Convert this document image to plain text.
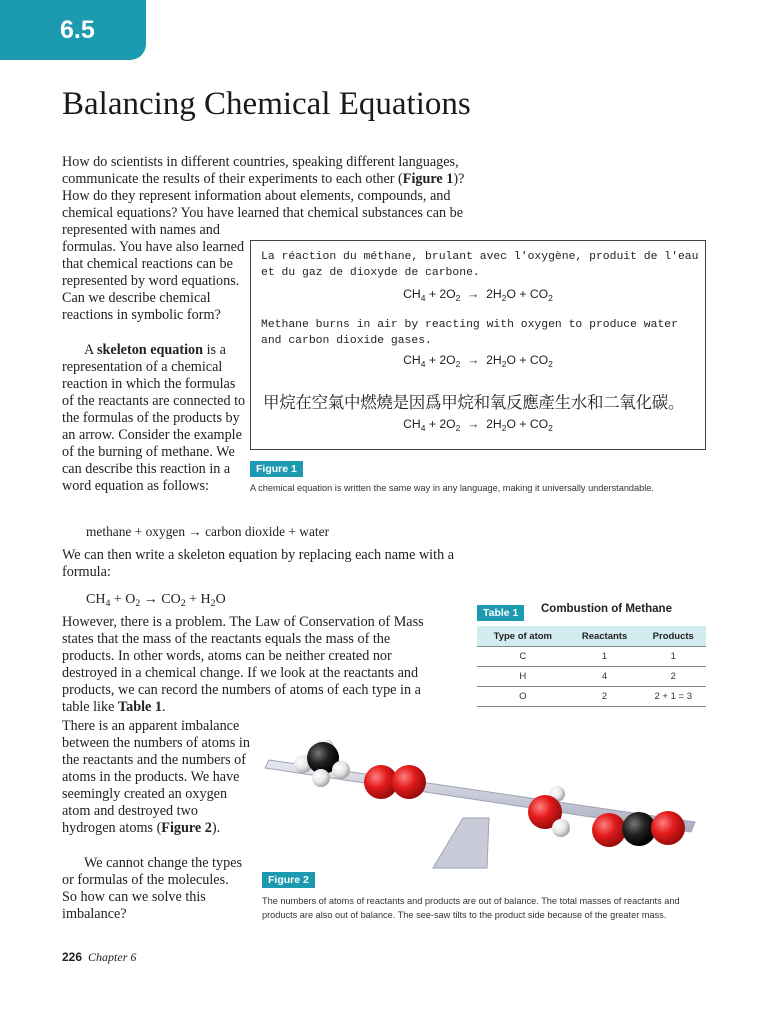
6.5
Balancing Chemical Equations

How do scientists in different countries, speaking different languages, communicate the results of their experiments to each other (Figure 1)? How do they represent information about elements, compounds, and chemical equations? You have learned that chemical substances can be

represented with names and formulas. You have also learned that chemical reactions can be represented by word equations. Can we describe chemical reactions in symbolic form?

A skeleton equation is a representation of a chemical reaction in which the formulas of the reactants are connected to the formulas of the products by an arrow. Consider the example of the burning of methane. We can describe this reaction in a word equation as follows:

methane + oxygen → carbon dioxide + water

We can then write a skeleton equation by replacing each name with a formula:

$CH_4 + O_2 \to CO_2 + H_2O$

However, there is a problem. The Law of Conservation of Mass states that the mass of the reactants equals the mass of the products. In other words, atoms can be neither created nor destroyed in a chemical change. If we look at the reactants and products, we can record the numbers of atoms of each type in a table like Table 1.

There is an apparent imbalance between the numbers of atoms in the reactants and the numbers of atoms in the products. We have seemingly created an oxygen atom and destroyed two hydrogen atoms (Figure 2).

We cannot change the types or formulas of the molecules. So how can we solve this imbalance?

La réaction du méthane, brulant avec l'oxygène, produit de l'eau et du gaz de dioxyde de carbone.

$CH_4 + 2O_2 \to 2H_2O + CO_2$

Methane burns in air by reacting with oxygen to produce water and carbon dioxide gases.

$CH_4 + 2O_2 \to 2H_2O + CO_2$
甲烷在空氣中燃燒是因爲甲烷和氧反應產生水和二氧化碳。
$CH_4 + 2O_2 \to 2H_2O + CO_2$
Figure 1

A chemical equation is written the same way in any language, making it universally understandable.

Table 1	Combustion of Methane
Type of atom	Reactants	Products
C	1	1
H	4	2
O	2	2 + 1 = 3
Figure 2

The numbers of atoms of reactants and products are out of balance. The total masses of reactants and products are also out of balance. The see-saw tilts to the product side because of the greater mass.

226 Chapter 6
